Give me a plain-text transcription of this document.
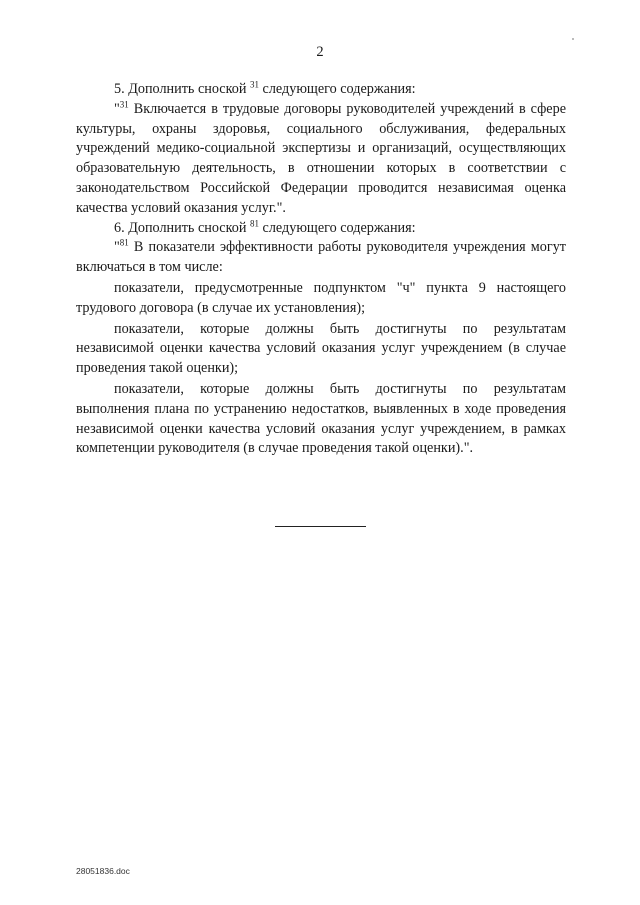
2

5. Дополнить сноской $^{31}$ следующего содержания:

"$^{31}$ Включается в трудовые договоры руководителей учреждений в сфере культуры, охраны здоровья, социального обслуживания, федеральных учреждений медико-социальной экспертизы и организаций, осуществляющих образовательную деятельность, в отношении которых в соответствии с законодательством Российской Федерации проводится независимая оценка качества условий оказания услуг.".

6. Дополнить сноской $^{81}$ следующего содержания:

"$^{81}$ В показатели эффективности работы руководителя учреждения могут включаться в том числе:

показатели, предусмотренные подпунктом "ч" пункта 9 настоящего трудового договора (в случае их установления);

показатели, которые должны быть достигнуты по результатам независимой оценки качества условий оказания услуг учреждением (в случае проведения такой оценки);

показатели, которые должны быть достигнуты по результатам выполнения плана по устранению недостатков, выявленных в ходе проведения независимой оценки качества условий оказания услуг учреждением, в рамках компетенции руководителя (в случае проведения такой оценки).".

28051836.doc
